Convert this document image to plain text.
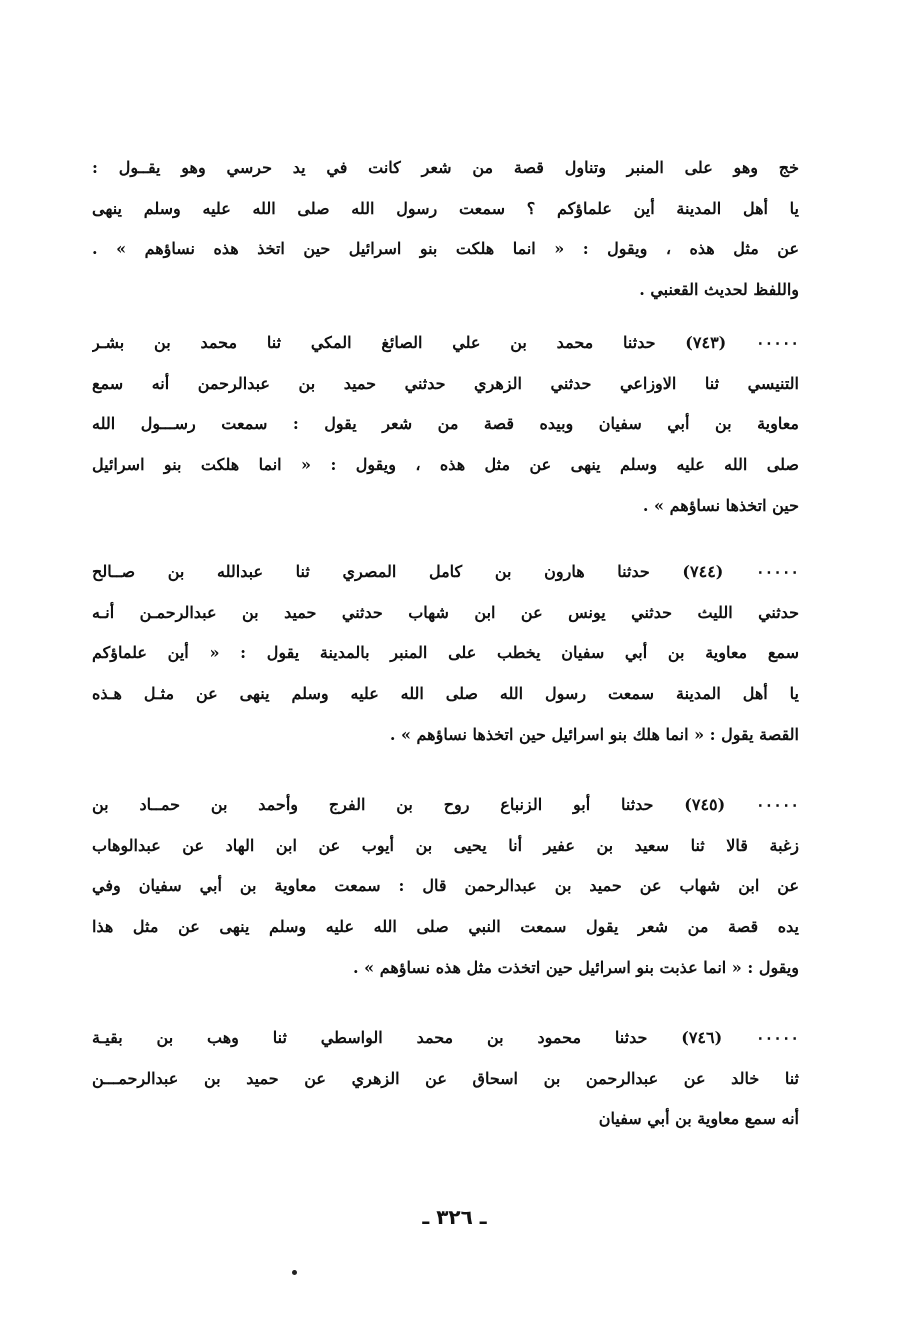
خج وهو على المنبر وتناول قصة من شعر كانت في يد حرسي وهو يقــول :
يا أهل المدينة أين علماؤكم ؟ سمعت رسول الله صلى الله عليه وسلم ينهى
عن مثل هذه ، ويقول : « انما هلكت بنو اسرائيل حين اتخذ هذه نساؤهم » .
واللفظ لحديث القعنبي .
٠٠٠٠٠ (٧٤٣) حدثنا محمد بن علي الصائغ المكي ثنا محمد بن بشـر
التنيسي ثنا الاوزاعي حدثني الزهري حدثني حميد بن عبدالرحمن أنه سمع
معاوية بن أبي سفيان وبيده قصة من شعر يقول : سمعت رســـول الله
صلى الله عليه وسلم ينهى عن مثل هذه ، ويقول : « انما هلكت بنو اسرائيل
حين اتخذها نساؤهم » .
٠٠٠٠٠ (٧٤٤) حدثنا هارون بن كامل المصري ثنا عبدالله بن صــالح
حدثني الليث حدثني يونس عن ابن شهاب حدثني حميد بن عبدالرحمـن أنـه
سمع معاوية بن أبي سفيان يخطب على المنبر بالمدينة يقول : « أين علماؤكم
يا أهل المدينة سمعت رسول الله صلى الله عليه وسلم ينهى عن مثـل هـذه
القصة يقول : « انما هلك بنو اسرائيل حين اتخذها نساؤهم » .
٠٠٠٠٠ (٧٤٥) حدثنا أبو الزنباع روح بن الفرج وأحمد بن حمــاد بن
زغبة قالا ثنا سعيد بن عفير أنا يحيى بن أيوب عن ابن الهاد عن عبدالوهاب
عن ابن شهاب عن حميد بن عبدالرحمن قال : سمعت معاوية بن أبي سفيان وفي
يده قصة من شعر يقول سمعت النبي صلى الله عليه وسلم ينهى عن مثل هذا
ويقول : « انما عذبت بنو اسرائيل حين اتخذت مثل هذه نساؤهم » .
٠٠٠٠٠ (٧٤٦) حدثنا محمود بن محمد الواسطي ثنا وهب بن بقيـة
ثنا خالد عن عبدالرحمن بن اسحاق عن الزهري عن حميد بن عبدالرحمـــن
أنه سمع معاوية بن أبي سفيان
ـ ٣٢٦ ـ
